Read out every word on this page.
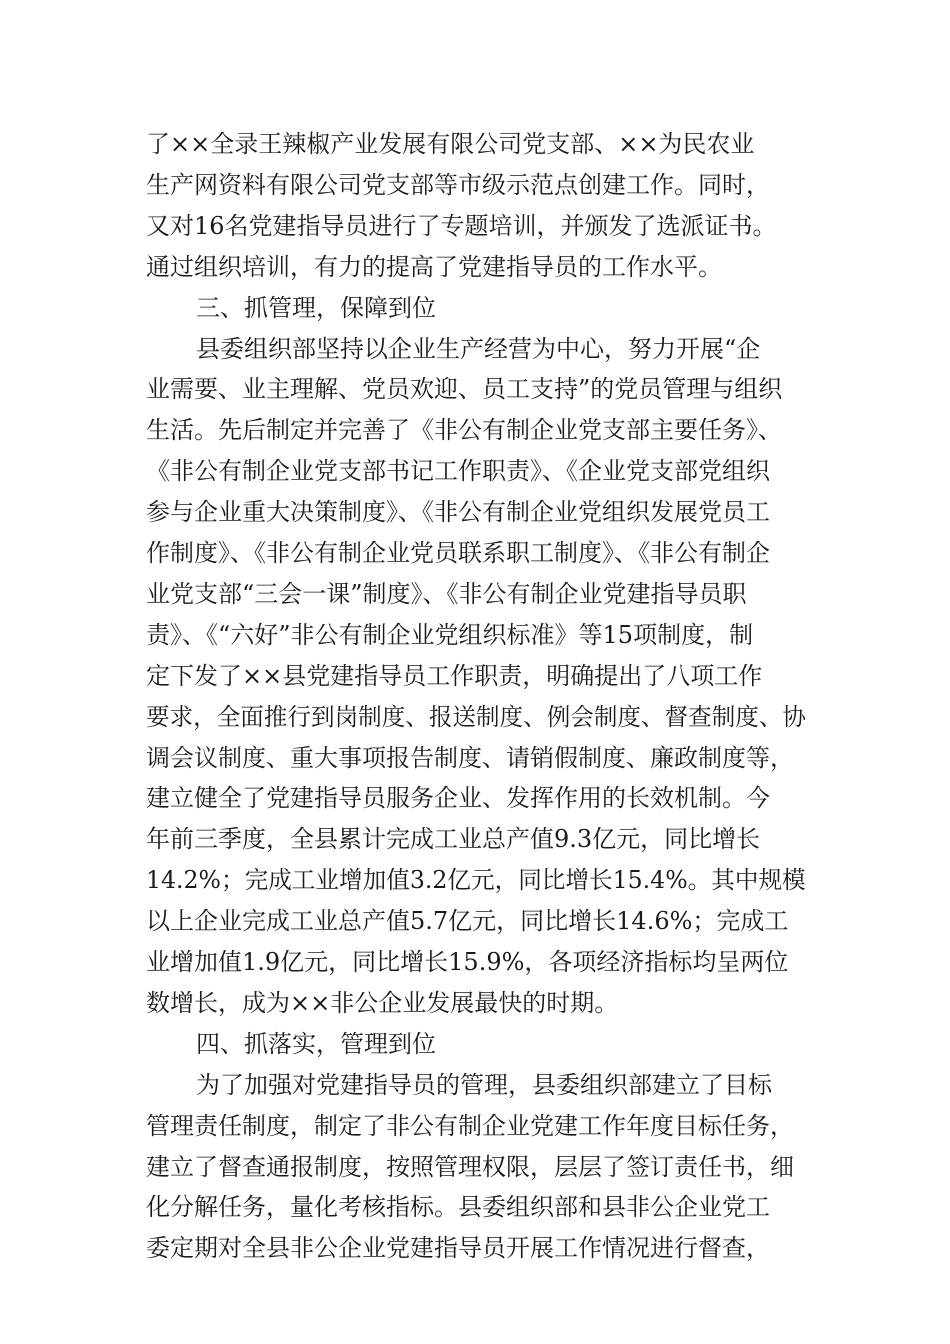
了××全录王辣椒产业发展有限公司党支部、××为民农业
生产网资料有限公司党支部等市级示范点创建工作。同时，
又对16名党建指导员进行了专题培训，并颁发了选派证书。
通过组织培训，有力的提高了党建指导员的工作水平。
三、抓管理，保障到位
县委组织部坚持以企业生产经营为中心，努力开展“企
业需要、业主理解、党员欢迎、员工支持”的党员管理与组织
生活。先后制定并完善了《非公有制企业党支部主要任务》、
《非公有制企业党支部书记工作职责》、《企业党支部党组织
参与企业重大决策制度》、《非公有制企业党组织发展党员工
作制度》、《非公有制企业党员联系职工制度》、《非公有制企
业党支部“三会一课”制度》、《非公有制企业党建指导员职
责》、《“六好”非公有制企业党组织标准》等15项制度，制
定下发了××县党建指导员工作职责，明确提出了八项工作
要求，全面推行到岗制度、报送制度、例会制度、督查制度、协
调会议制度、重大事项报告制度、请销假制度、廉政制度等，
建立健全了党建指导员服务企业、发挥作用的长效机制。今
年前三季度，全县累计完成工业总产值9.3亿元，同比增长
14.2%；完成工业增加值3.2亿元，同比增长15.4%。其中规模
以上企业完成工业总产值5.7亿元，同比增长14.6%；完成工
业增加值1.9亿元，同比增长15.9%，各项经济指标均呈两位
数增长，成为××非公企业发展最快的时期。
四、抓落实，管理到位
为了加强对党建指导员的管理，县委组织部建立了目标
管理责任制度，制定了非公有制企业党建工作年度目标任务，
建立了督查通报制度，按照管理权限，层层了签订责任书，细
化分解任务，量化考核指标。县委组织部和县非公企业党工
委定期对全县非公企业党建指导员开展工作情况进行督查，
